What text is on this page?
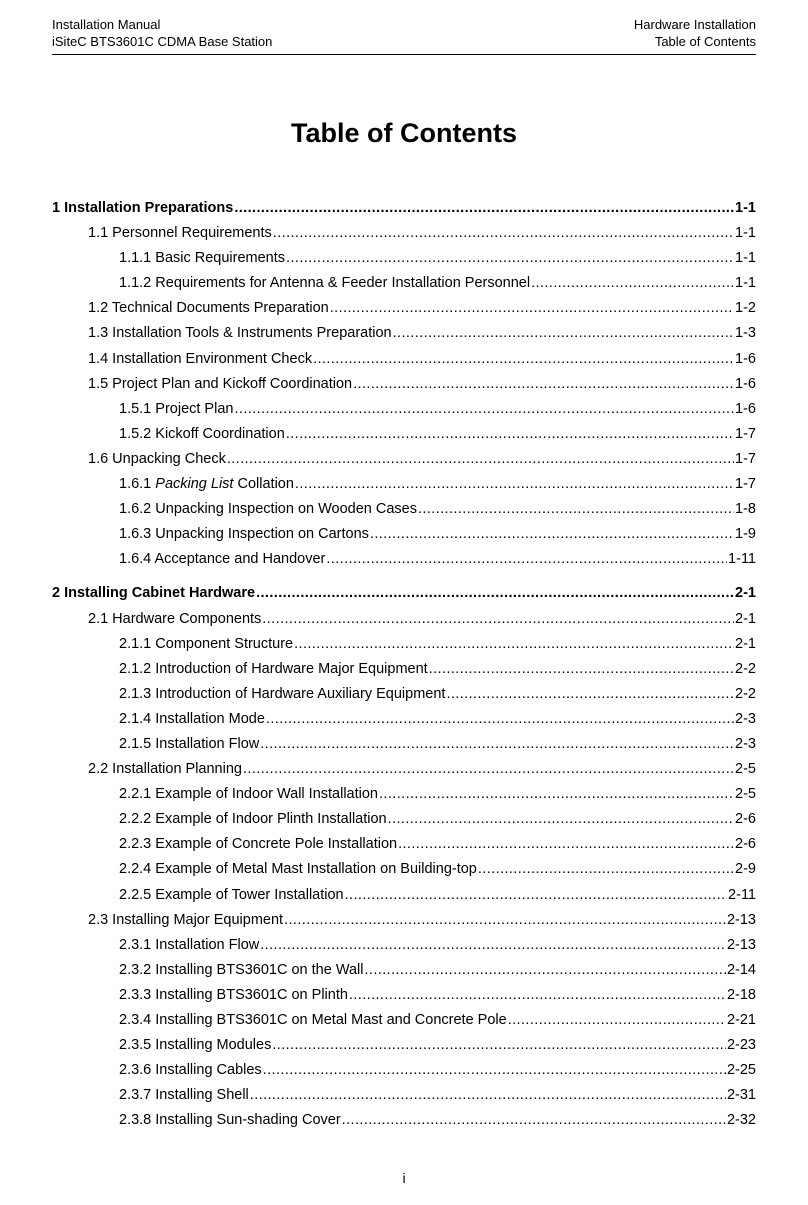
Installation Manual
iSiteC BTS3601C CDMA Base Station
Hardware Installation
Table of Contents
Table of Contents
1 Installation Preparations .....	1-1
1.1 Personnel Requirements .....	1-1
1.1.1 Basic Requirements .....	1-1
1.1.2 Requirements for Antenna & Feeder Installation Personnel .....	1-1
1.2 Technical Documents Preparation .....	1-2
1.3 Installation Tools & Instruments Preparation .....	1-3
1.4 Installation Environment Check .....	1-6
1.5 Project Plan and Kickoff Coordination .....	1-6
1.5.1 Project Plan .....	1-6
1.5.2 Kickoff Coordination .....	1-7
1.6 Unpacking Check .....	1-7
1.6.1 Packing List Collation .....	1-7
1.6.2 Unpacking Inspection on Wooden Cases .....	1-8
1.6.3 Unpacking Inspection on Cartons .....	1-9
1.6.4 Acceptance and Handover .....	1-11
2 Installing Cabinet Hardware .....	2-1
2.1 Hardware Components .....	2-1
2.1.1 Component Structure .....	2-1
2.1.2 Introduction of Hardware Major Equipment .....	2-2
2.1.3 Introduction of Hardware Auxiliary Equipment .....	2-2
2.1.4 Installation Mode .....	2-3
2.1.5 Installation Flow .....	2-3
2.2 Installation Planning .....	2-5
2.2.1 Example of Indoor Wall Installation .....	2-5
2.2.2 Example of Indoor Plinth Installation .....	2-6
2.2.3 Example of Concrete Pole Installation .....	2-6
2.2.4 Example of Metal Mast Installation on Building-top .....	2-9
2.2.5 Example of Tower Installation .....	2-11
2.3 Installing Major Equipment .....	2-13
2.3.1 Installation Flow .....	2-13
2.3.2 Installing BTS3601C on the Wall .....	2-14
2.3.3 Installing BTS3601C on Plinth .....	2-18
2.3.4 Installing BTS3601C on Metal Mast and Concrete Pole .....	2-21
2.3.5 Installing Modules .....	2-23
2.3.6 Installing Cables .....	2-25
2.3.7 Installing Shell .....	2-31
2.3.8 Installing Sun-shading Cover .....	2-32
i
